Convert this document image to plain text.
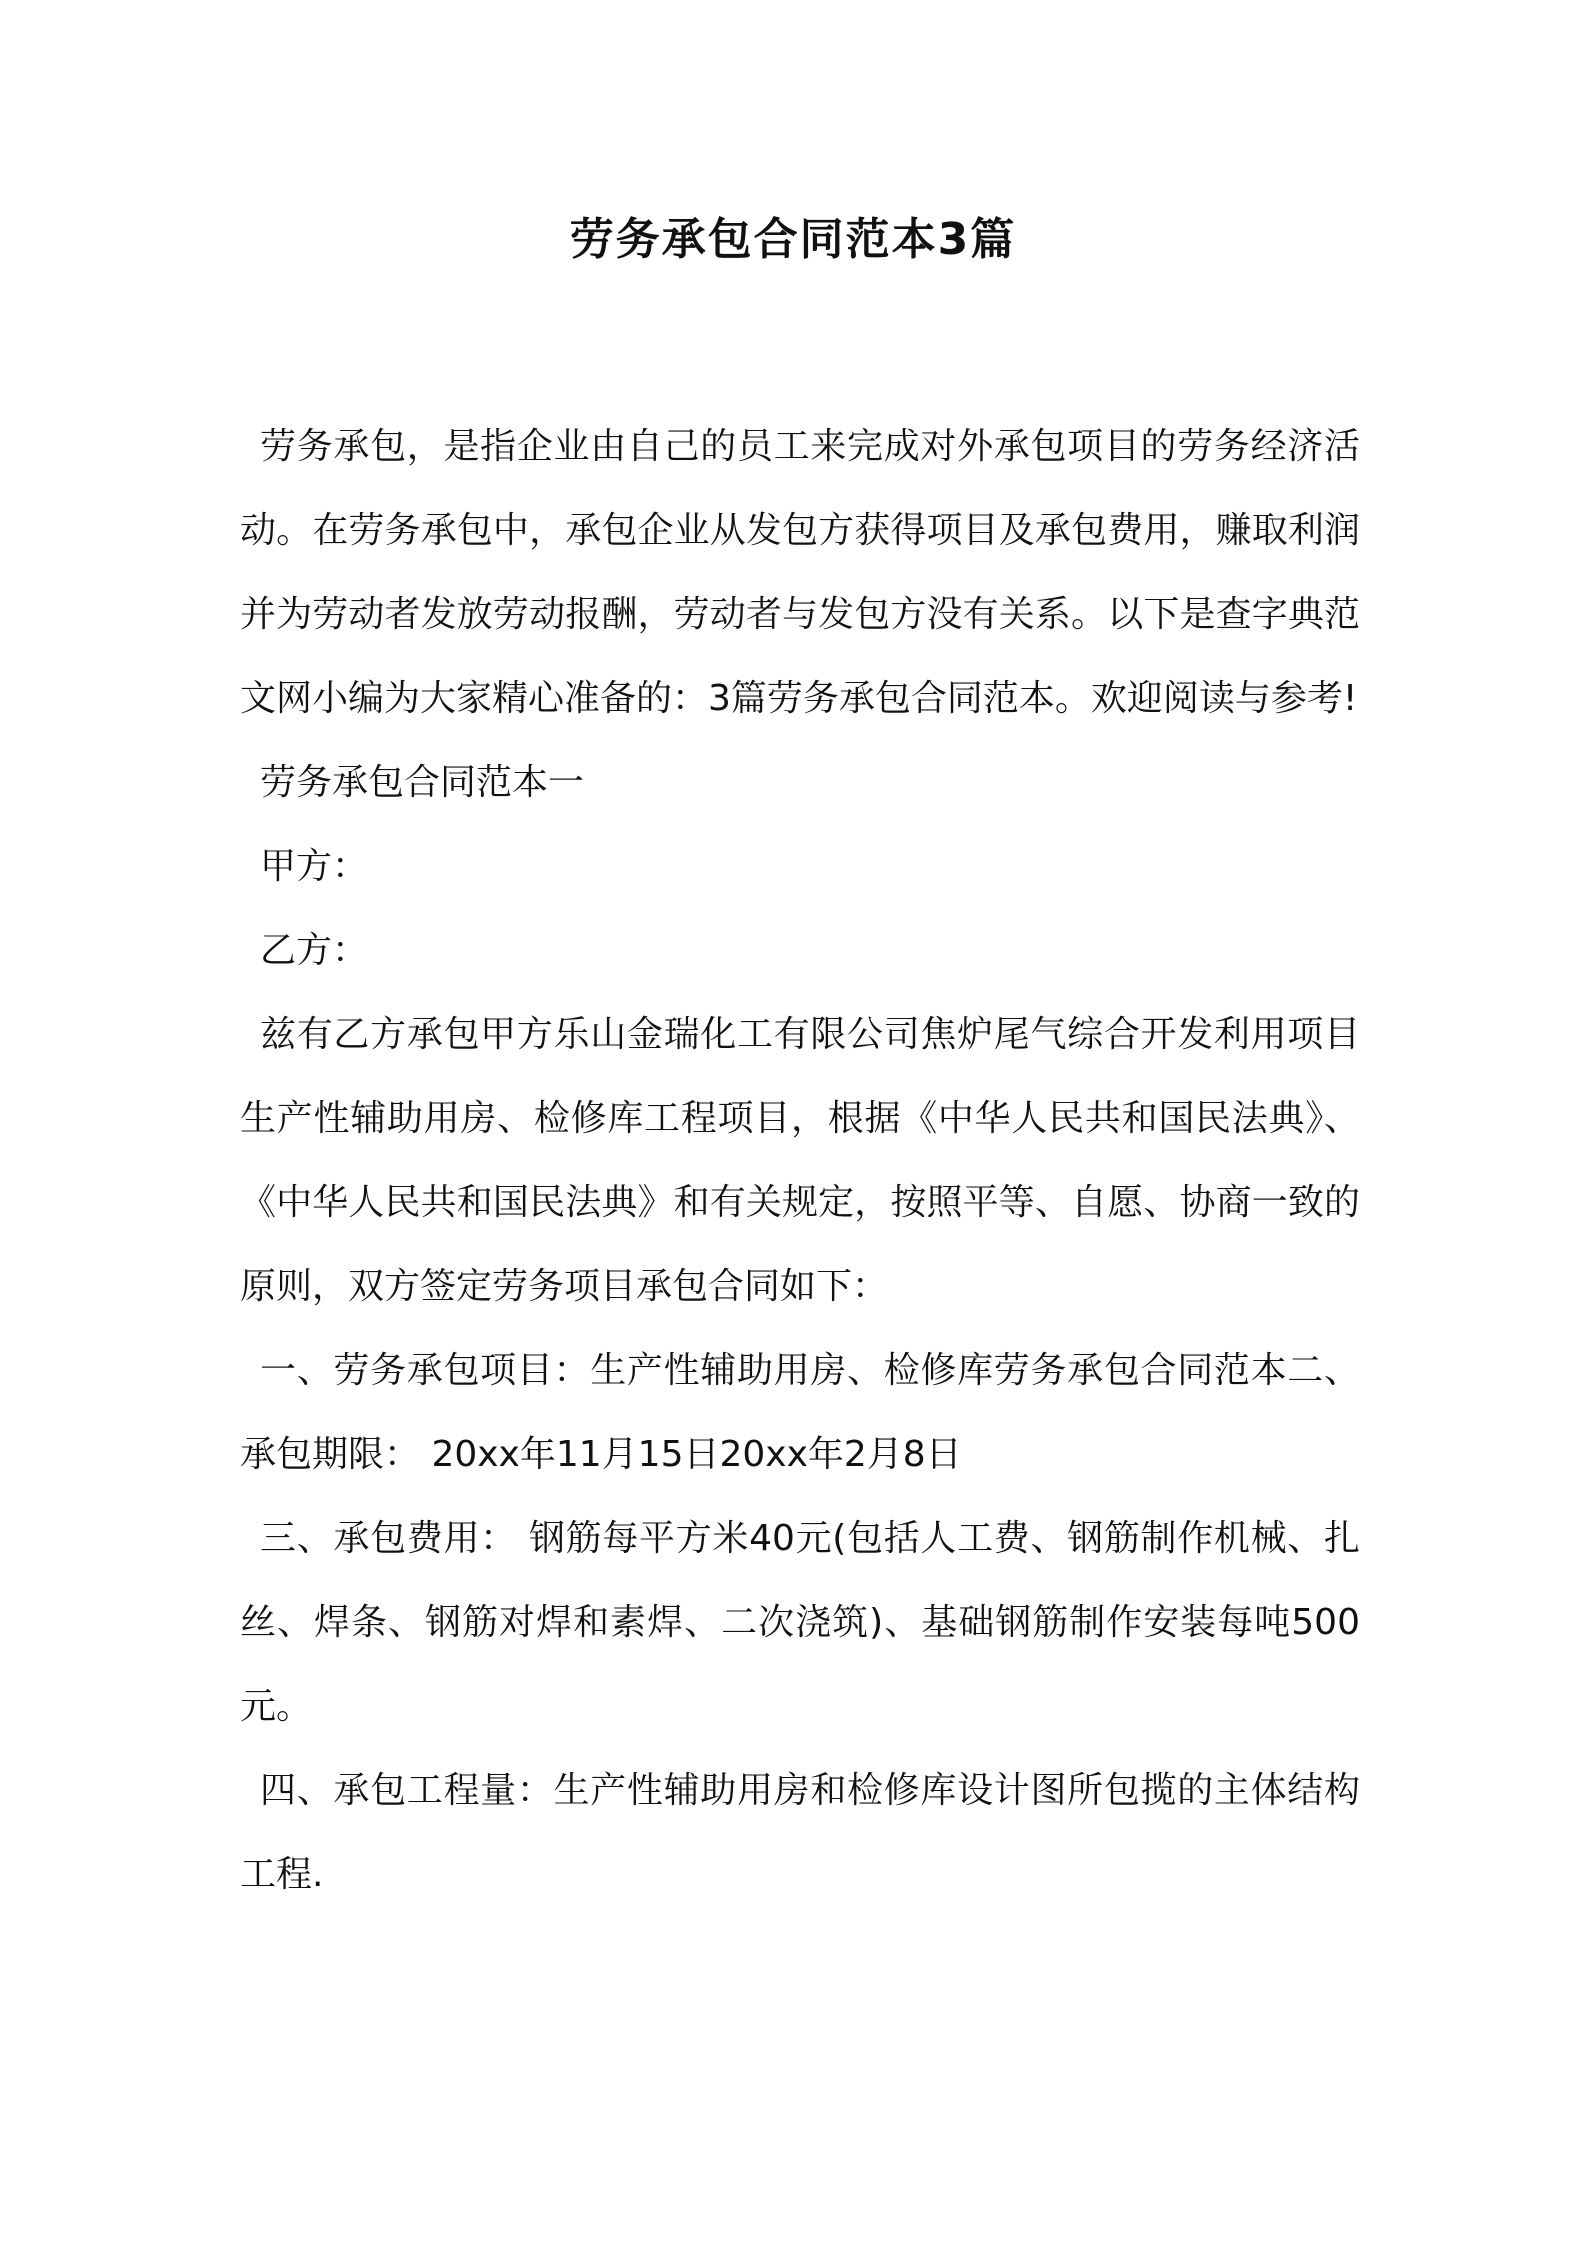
劳务承包合同范本3篇

劳务承包，是指企业由自己的员工来完成对外承包项目的劳务经济活动。在劳务承包中，承包企业从发包方获得项目及承包费用，赚取利润并为劳动者发放劳动报酬，劳动者与发包方没有关系。以下是查字典范文网小编为大家精心准备的：3篇劳务承包合同范本。欢迎阅读与参考!

劳务承包合同范本一

甲方：

乙方：

兹有乙方承包甲方乐山金瑞化工有限公司焦炉尾气综合开发利用项目生产性辅助用房、检修库工程项目，根据《中华人民共和国民法典》、《中华人民共和国民法典》和有关规定，按照平等、自愿、协商一致的原则，双方签定劳务项目承包合同如下：

一、劳务承包项目：生产性辅助用房、检修库劳务承包合同范本二、承包期限： 20xx年11月15日20xx年2月8日

三、承包费用： 钢筋每平方米40元(包括人工费、钢筋制作机械、扎丝、焊条、钢筋对焊和素焊、二次浇筑)、基础钢筋制作安装每吨500元。

四、承包工程量：生产性辅助用房和检修库设计图所包揽的主体结构工程.
